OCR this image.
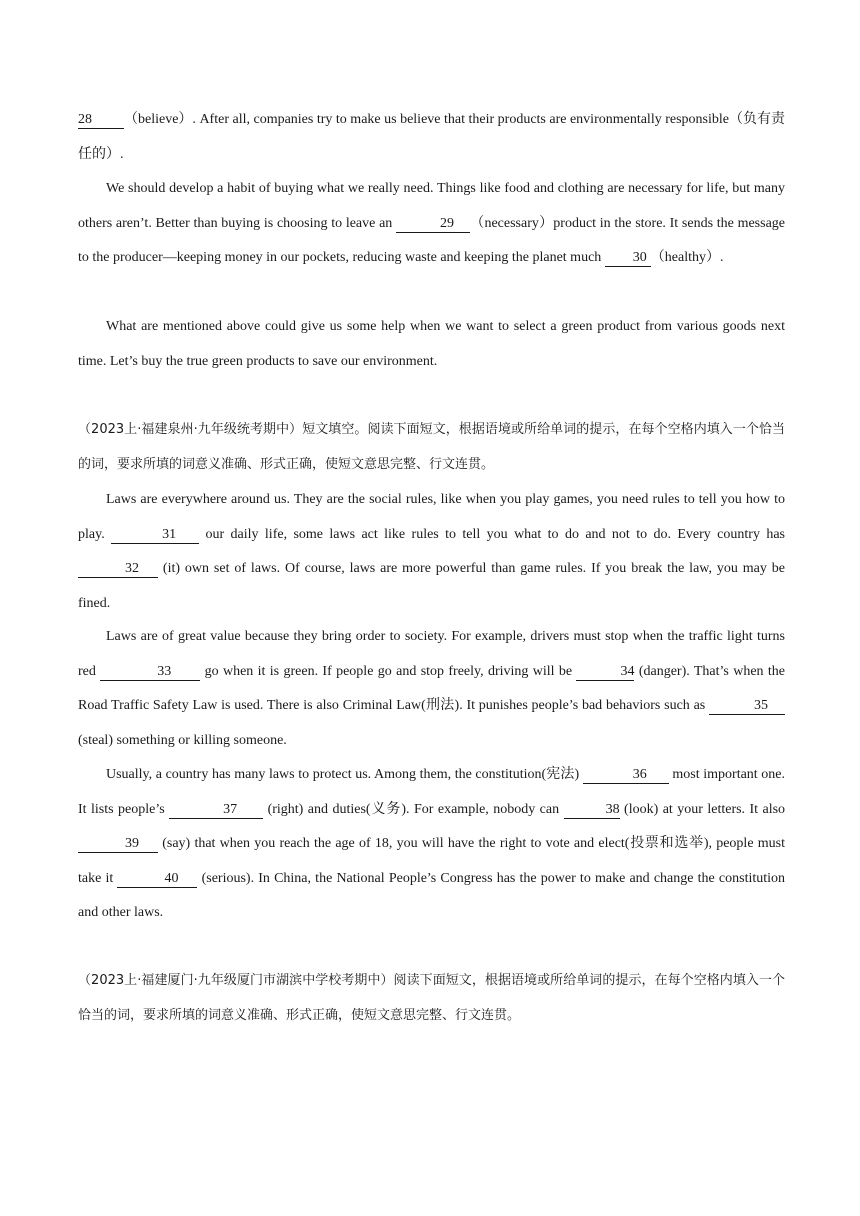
28 （believe）. After all, companies try to make us believe that their products are environmentally responsible（负有责任的）.

We should develop a habit of buying what we really need. Things like food and clothing are necessary for life, but many others aren’t. Better than buying is choosing to leave an	29 （necessary）product in the store. It sends the message to the producer—keeping money in our pockets, reducing waste and keeping the planet much 30 （healthy）.

What are mentioned above could give us some help when we want to select a green product from various goods next time. Let’s buy the true green products to save our environment.

（2023上·福建泉州·九年级统考期中）短文填空。阅读下面短文，根据语境或所给单词的提示，在每个空格内填入一个恰当的词，要求所填的词意义准确、形式正确，使短文意思完整、行文连贯。

Laws are everywhere around us. They are the social rules, like when you play games, you need rules to tell you how to play.	31 our daily life, some laws act like rules to tell you what to do and not to do. Every country has 32 (it) own set of laws. Of course, laws are more powerful than game rules. If you break the law, you may be fined.

Laws are of great value because they bring order to society. For example, drivers must stop when the traffic light turns red	33 go when it is green. If people go and stop freely, driving will be	34 (danger). That’s when the Road Traffic Safety Law is used. There is also Criminal Law(刑法). It punishes people’s bad behaviors such as	35 (steal) something or killing someone.

Usually, a country has many laws to protect us. Among them, the constitution(宪法)	36 most important one. It lists people’s	37 (right) and duties(义务). For example, nobody can	38 (look) at your letters. It also 39 (say) that when you reach the age of 18, you will have the right to vote and elect(投票和选举), people must take it	40 (serious). In China, the National People’s Congress has the power to make and change the constitution and other laws.

（2023上·福建厦门·九年级厦门市湖滨中学校考期中）阅读下面短文，根据语境或所给单词的提示，在每个空格内填入一个恰当的词，要求所填的词意义准确、形式正确，使短文意思完整、行文连贯。
